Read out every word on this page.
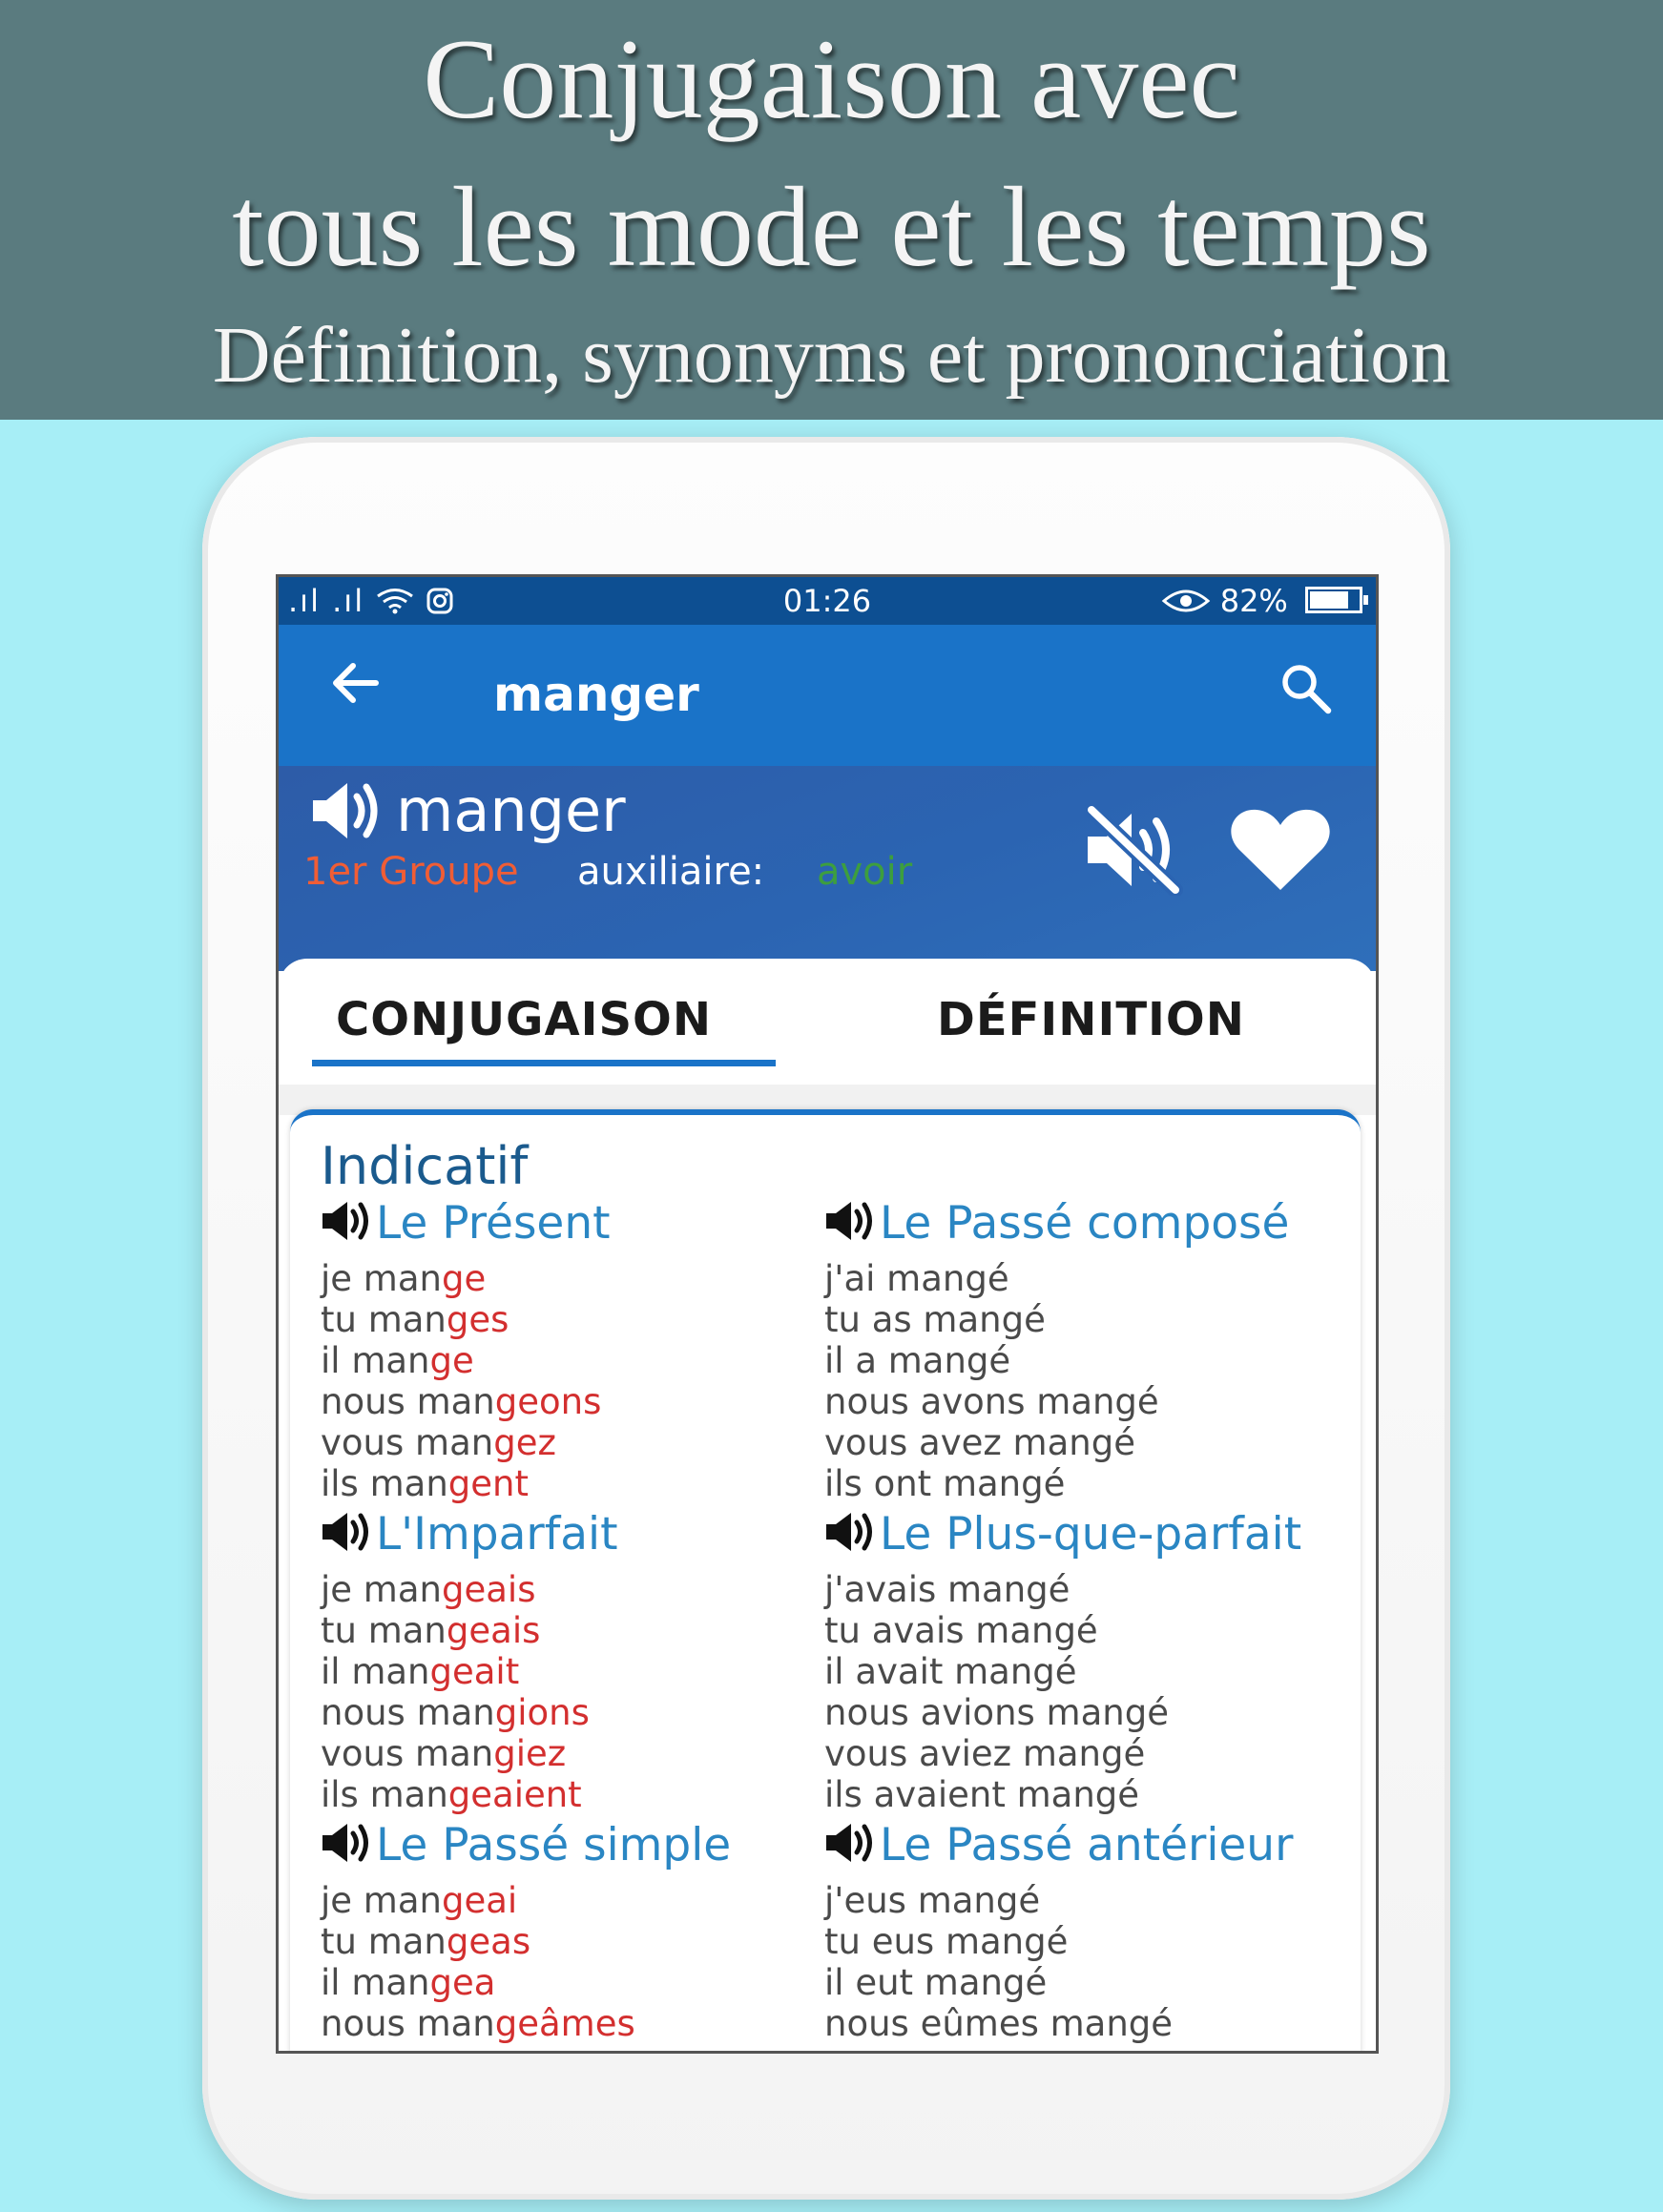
Conjugaison avec
tous les mode et les temps
Définition, synonyms et prononciation
.ıl .ıl	01:26	82%
manger
manger
1er Groupe auxiliaire: avoir
CONJUGAISON	DÉFINITION
Indicatif
Le Présent
je mange
tu manges
il mange
nous mangeons
vous mangez
ils mangent
Le Passé composé
j'ai mangé
tu as mangé
il a mangé
nous avons mangé
vous avez mangé
ils ont mangé
L'Imparfait
je mangeais
tu mangeais
il mangeait
nous mangions
vous mangiez
ils mangeaient
Le Plus-que-parfait
j'avais mangé
tu avais mangé
il avait mangé
nous avions mangé
vous aviez mangé
ils avaient mangé
Le Passé simple
je mangeai
tu mangeas
il mangea
nous mangeâmes
Le Passé antérieur
j'eus mangé
tu eus mangé
il eut mangé
nous eûmes mangé
